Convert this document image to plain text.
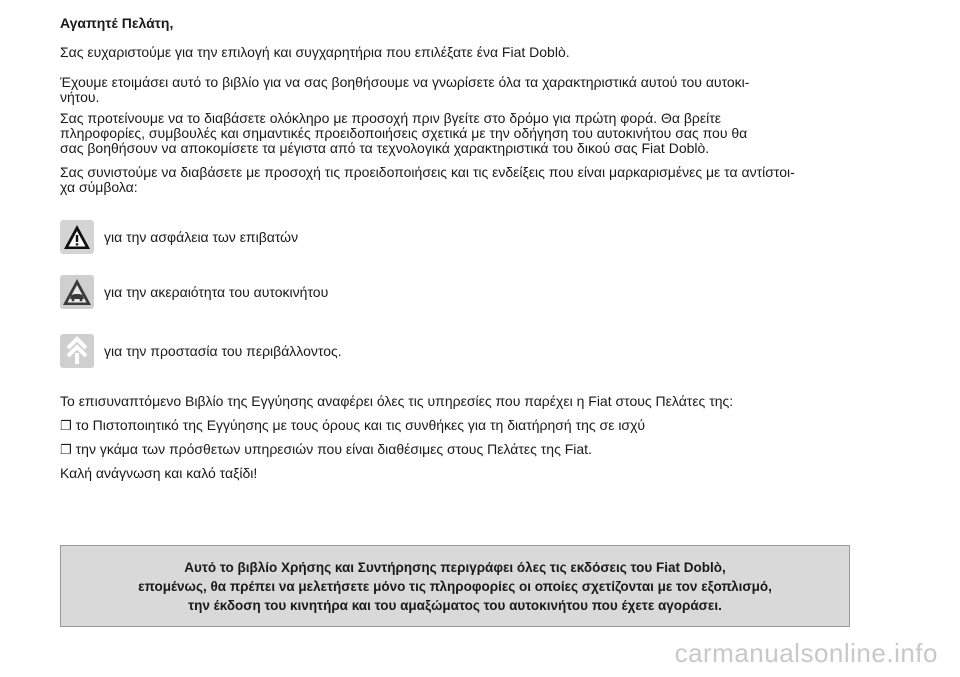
Αγαπητέ Πελάτη,

Σας ευχαριστούμε για την επιλογή και συγχαρητήρια που επιλέξατε ένα Fiat Doblò.

Έχουμε ετοιμάσει αυτό το βιβλίο για να σας βοηθήσουμε να γνωρίσετε όλα τα χαρακτηριστικά αυτού του αυτοκι-

νήτου.

Σας προτείνουμε να το διαβάσετε ολόκληρο με προσοχή πριν βγείτε στο δρόμο για πρώτη φορά. Θα βρείτε

πληροφορίες, συμβουλές και σημαντικές προειδοποιήσεις σχετικά με την οδήγηση του αυτοκινήτου σας που θα

σας βοηθήσουν να αποκομίσετε τα μέγιστα από τα τεχνολογικά χαρακτηριστικά του δικού σας Fiat Doblò.

Σας συνιστούμε να διαβάσετε με προσοχή τις προειδοποιήσεις και τις ενδείξεις που είναι μαρκαρισμένες με τα αντίστοι-

χα σύμβολα:

για την ασφάλεια των επιβατών
για την ακεραιότητα του αυτοκινήτου
για την προστασία του περιβάλλοντος.

Το επισυναπτόμενο Βιβλίο της Εγγύησης αναφέρει όλες τις υπηρεσίες που παρέχει η Fiat στους Πελάτες της:

❒ το Πιστοποιητικό της Εγγύησης με τους όρους και τις συνθήκες για τη διατήρησή της σε ισχύ

❒ την γκάμα των πρόσθετων υπηρεσιών που είναι διαθέσιμες στους Πελάτες της Fiat.

Καλή ανάγνωση και καλό ταξίδι!

Αυτό το βιβλίο Χρήσης και Συντήρησης περιγράφει όλες τις εκδόσεις του Fiat Doblò,
επομένως, θα πρέπει να μελετήσετε μόνο τις πληροφορίες οι οποίες σχετίζονται με τον εξοπλισμό,
την έκδοση του κινητήρα και του αμαξώματος του αυτοκινήτου που έχετε αγοράσει.
carmanualsonline.info
